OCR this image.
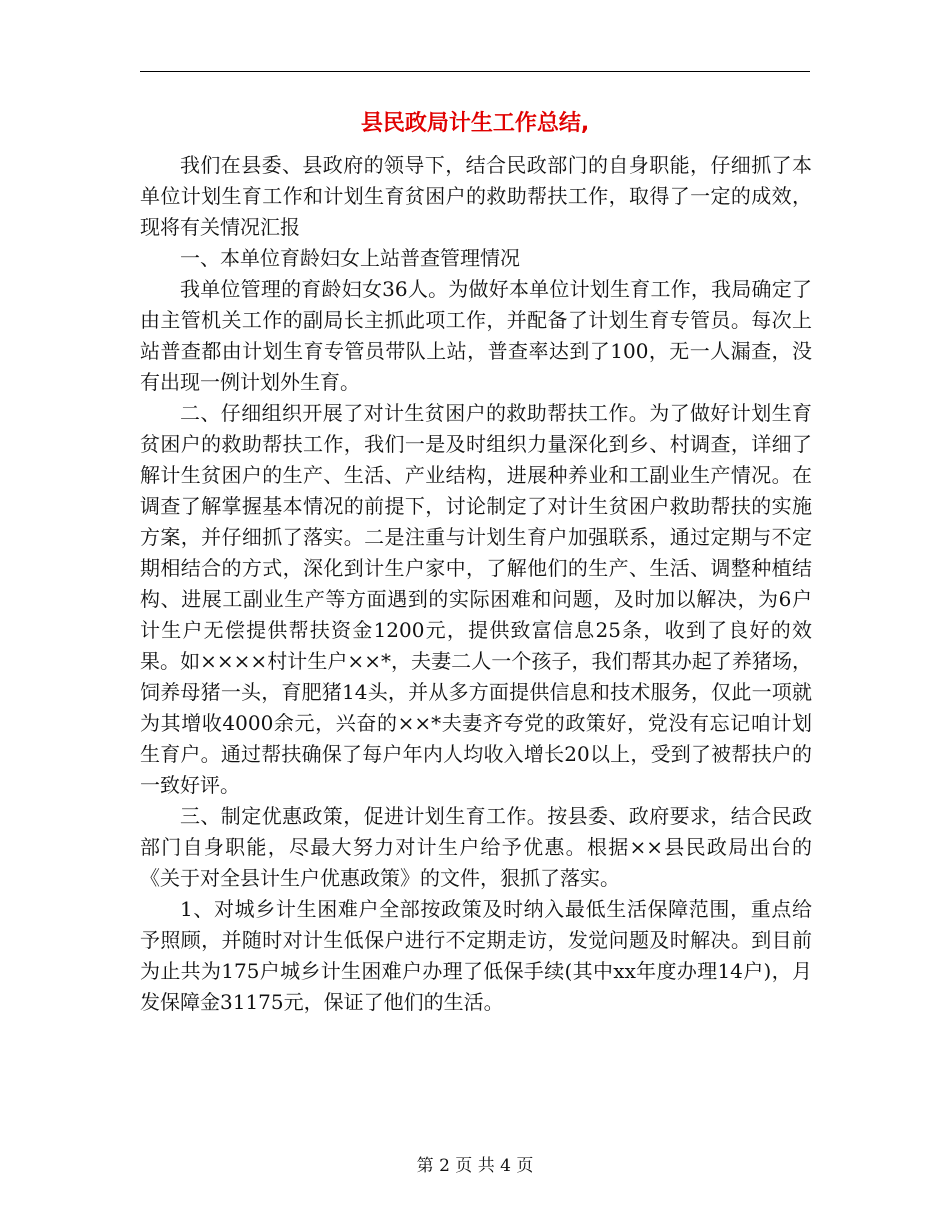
县民政局计生工作总结,

我们在县委、县政府的领导下，结合民政部门的自身职能，仔细抓了本单位计划生育工作和计划生育贫困户的救助帮扶工作，取得了一定的成效，现将有关情况汇报

一、本单位育龄妇女上站普查管理情况

我单位管理的育龄妇女36人。为做好本单位计划生育工作，我局确定了由主管机关工作的副局长主抓此项工作，并配备了计划生育专管员。每次上站普查都由计划生育专管员带队上站，普查率达到了100，无一人漏查，没有出现一例计划外生育。

二、仔细组织开展了对计生贫困户的救助帮扶工作。为了做好计划生育贫困户的救助帮扶工作，我们一是及时组织力量深化到乡、村调查，详细了解计生贫困户的生产、生活、产业结构，进展种养业和工副业生产情况。在调查了解掌握基本情况的前提下，讨论制定了对计生贫困户救助帮扶的实施方案，并仔细抓了落实。二是注重与计划生育户加强联系，通过定期与不定期相结合的方式，深化到计生户家中，了解他们的生产、生活、调整种植结构、进展工副业生产等方面遇到的实际困难和问题，及时加以解决，为6户计生户无偿提供帮扶资金1200元，提供致富信息25条，收到了良好的效果。如××××村计生户××*，夫妻二人一个孩子，我们帮其办起了养猪场，饲养母猪一头，育肥猪14头，并从多方面提供信息和技术服务，仅此一项就为其增收4000余元，兴奋的××*夫妻齐夸党的政策好，党没有忘记咱计划生育户。通过帮扶确保了每户年内人均收入增长20以上，受到了被帮扶户的一致好评。

三、制定优惠政策，促进计划生育工作。按县委、政府要求，结合民政部门自身职能，尽最大努力对计生户给予优惠。根据××县民政局出台的《关于对全县计生户优惠政策》的文件，狠抓了落实。

1、对城乡计生困难户全部按政策及时纳入最低生活保障范围，重点给予照顾，并随时对计生低保户进行不定期走访，发觉问题及时解决。到目前为止共为175户城乡计生困难户办理了低保手续(其中xx年度办理14户)，月发保障金31175元，保证了他们的生活。

第 2 页 共 4 页
